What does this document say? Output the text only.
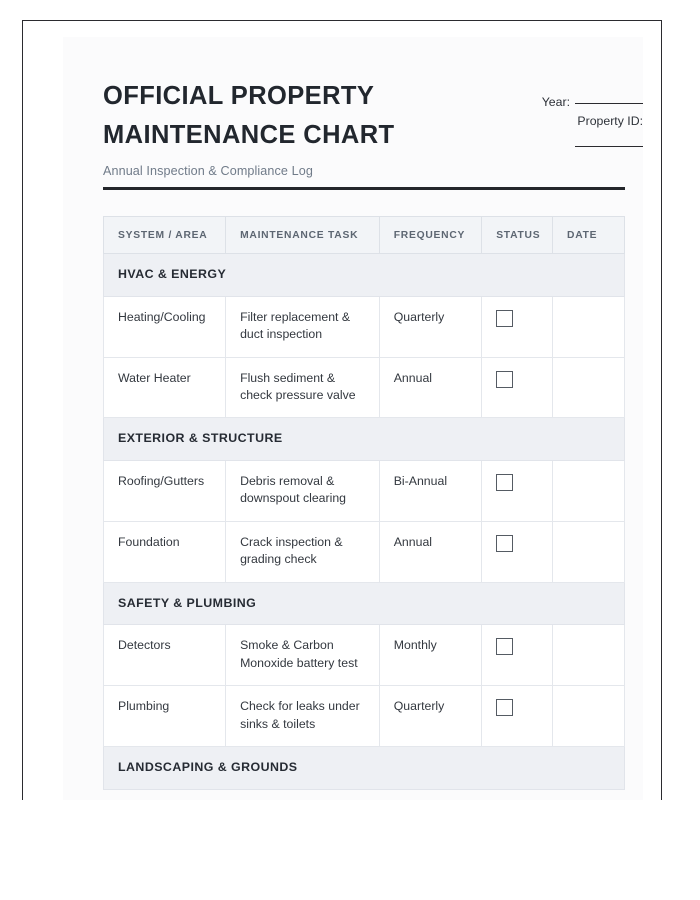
OFFICIAL PROPERTY
MAINTENANCE CHART
Annual Inspection & Compliance Log
Year:
Property ID:
SYSTEM / AREA	MAINTENANCE TASK	FREQUENCY	STATUS	DATE
HVAC & ENERGY				
Heating/Cooling	Filter replacement & duct inspection	Quarterly	

Water Heater	Flush sediment & check pressure valve	Annual	

EXTERIOR & STRUCTURE				
Roofing/Gutters	Debris removal & downspout clearing	Bi-Annual	

Foundation	Crack inspection & grading check	Annual	

SAFETY & PLUMBING				
Detectors	Smoke & Carbon Monoxide battery test	Monthly	

Plumbing	Check for leaks under sinks & toilets	Quarterly	

LANDSCAPING & GROUNDS				
